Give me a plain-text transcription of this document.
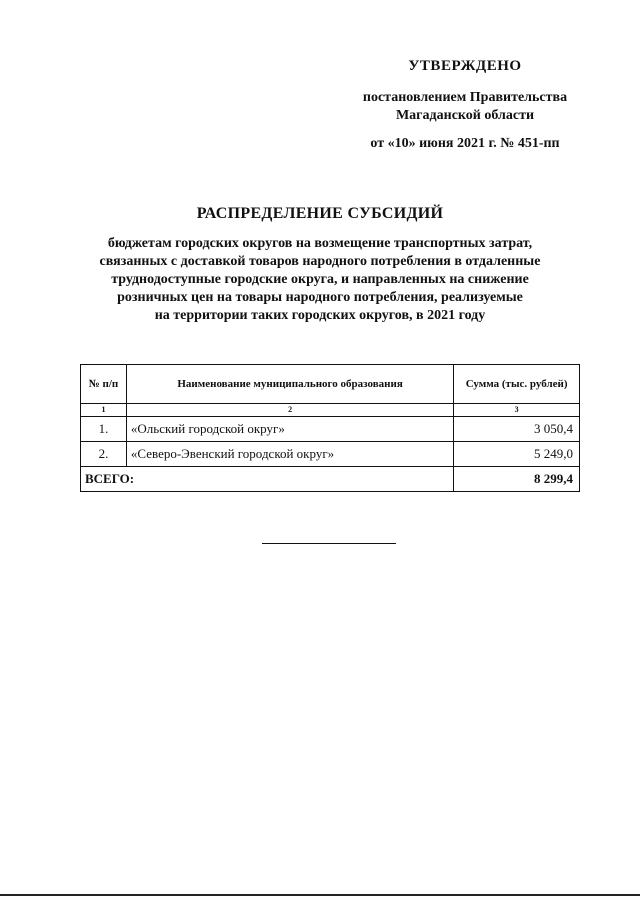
УТВЕРЖДЕНО
постановлением Правительства
Магаданской области
от «10» июня 2021 г. № 451-пп
РАСПРЕДЕЛЕНИЕ СУБСИДИЙ
бюджетам городских округов на возмещение транспортных затрат,
связанных с доставкой товаров народного потребления в отдаленные
труднодоступные городские округа, и направленных на снижение
розничных цен на товары народного потребления, реализуемые
на территории таких городских округов, в 2021 году
№ п/п	Наименование муниципального образования	Сумма (тыс. рублей)
1	2	3
1.	«Ольский городской округ»	3 050,4
2.	«Северо-Эвенский городской округ»	5 249,0
ВСЕГО:		8 299,4
